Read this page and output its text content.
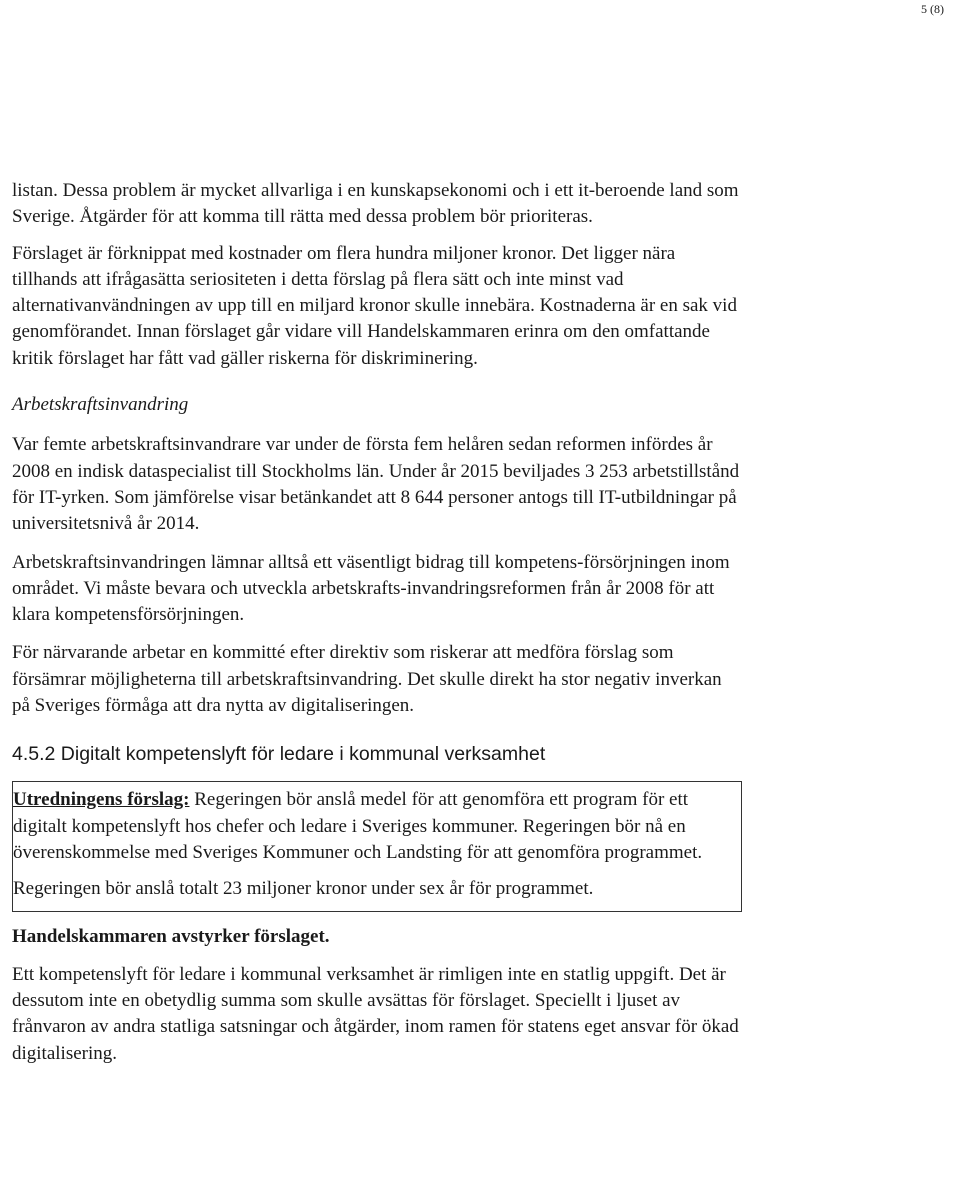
5 (8)

listan. Dessa problem är mycket allvarliga i en kunskapsekonomi och i ett it-beroende land som Sverige. Åtgärder för att komma till rätta med dessa problem bör prioriteras.

Förslaget är förknippat med kostnader om flera hundra miljoner kronor. Det ligger nära tillhands att ifrågasätta seriositeten i detta förslag på flera sätt och inte minst vad alternativanvändningen av upp till en miljard kronor skulle innebära. Kostnaderna är en sak vid genomförandet. Innan förslaget går vidare vill Handelskammaren erinra om den omfattande kritik förslaget har fått vad gäller riskerna för diskriminering.

Arbetskraftsinvandring

Var femte arbetskraftsinvandrare var under de första fem helåren sedan reformen infördes år 2008 en indisk dataspecialist till Stockholms län. Under år 2015 beviljades 3 253 arbetstillstånd för IT-yrken. Som jämförelse visar betänkandet att 8 644 personer antogs till IT-utbildningar på universitetsnivå år 2014.

Arbetskraftsinvandringen lämnar alltså ett väsentligt bidrag till kompetens-försörjningen inom området. Vi måste bevara och utveckla arbetskrafts-invandringsreformen från år 2008 för att klara kompetensförsörjningen.

För närvarande arbetar en kommitté efter direktiv som riskerar att medföra förslag som försämrar möjligheterna till arbetskraftsinvandring. Det skulle direkt ha stor negativ inverkan på Sveriges förmåga att dra nytta av digitaliseringen.

4.5.2 Digitalt kompetenslyft för ledare i kommunal verksamhet

Utredningens förslag: Regeringen bör anslå medel för att genomföra ett program för ett digitalt kompetenslyft hos chefer och ledare i Sveriges kommuner. Regeringen bör nå en överenskommelse med Sveriges Kommuner och Landsting för att genomföra programmet.

Regeringen bör anslå totalt 23 miljoner kronor under sex år för programmet.

Handelskammaren avstyrker förslaget.

Ett kompetenslyft för ledare i kommunal verksamhet är rimligen inte en statlig uppgift. Det är dessutom inte en obetydlig summa som skulle avsättas för förslaget. Speciellt i ljuset av frånvaron av andra statliga satsningar och åtgärder, inom ramen för statens eget ansvar för ökad digitalisering.
